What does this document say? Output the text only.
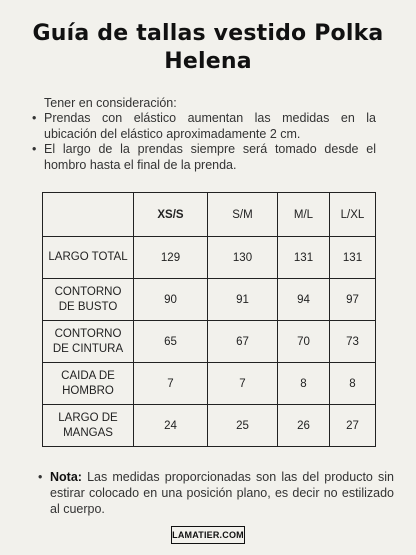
Guía de tallas vestido Polka
Helena
Tener en consideración:
• Prendas con elástico aumentan las medidas en la ubicación del elástico aproximadamente 2 cm.
• El largo de la prendas siempre será tomado desde el hombro hasta el final de la prenda.
	XS/S	S/M	M/L	L/XL
LARGO TOTAL	129	130	131	131
CONTORNO DE BUSTO	90	91	94	97
CONTORNO DE CINTURA	65	67	70	73
CAIDA DE HOMBRO	7	7	8	8
LARGO DE MANGAS	24	25	26	27
• Nota: Las medidas proporcionadas son las del producto sin estirar colocado en una posición plano, es decir no estilizado al cuerpo.
LAMATIER.COM
